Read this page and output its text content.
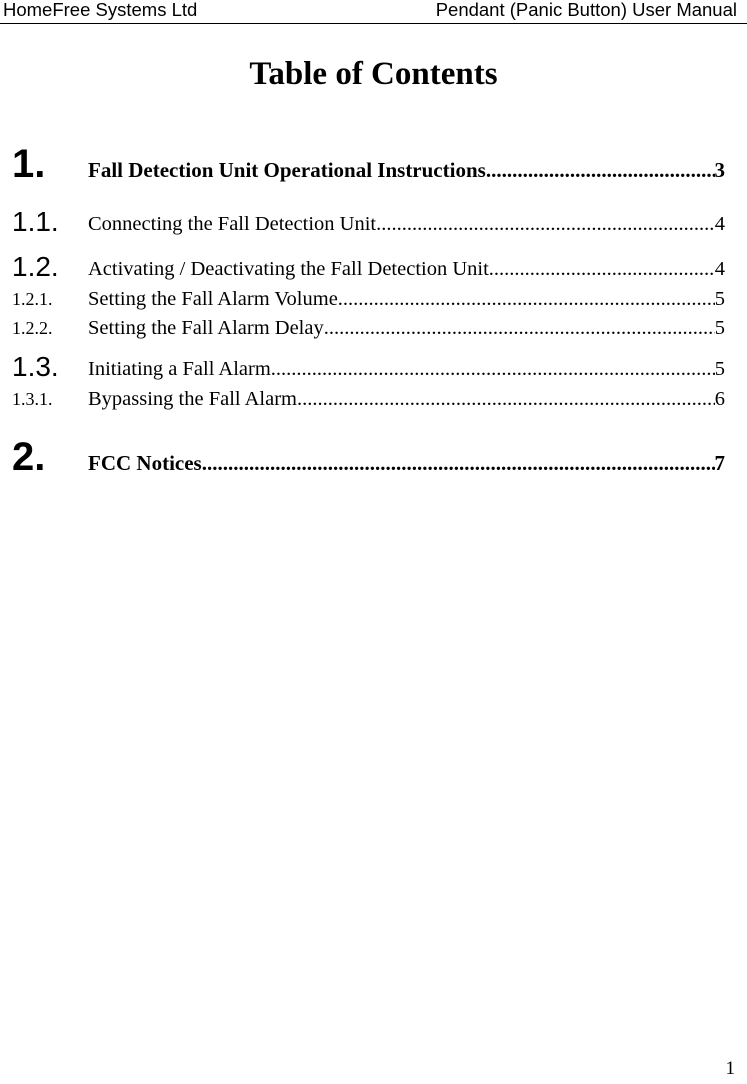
HomeFree Systems Ltd	Pendant (Panic Button) User Manual
Table of Contents
1. Fall Detection Unit Operational Instructions .....	3
1.1. Connecting the Fall Detection Unit .....	4
1.2. Activating / Deactivating the Fall Detection Unit .....	4
1.2.1. Setting the Fall Alarm Volume .....	5
1.2.2. Setting the Fall Alarm Delay .....	5
1.3. Initiating a Fall Alarm .....	5
1.3.1. Bypassing the Fall Alarm .....	6
2. FCC Notices .....	7
1
